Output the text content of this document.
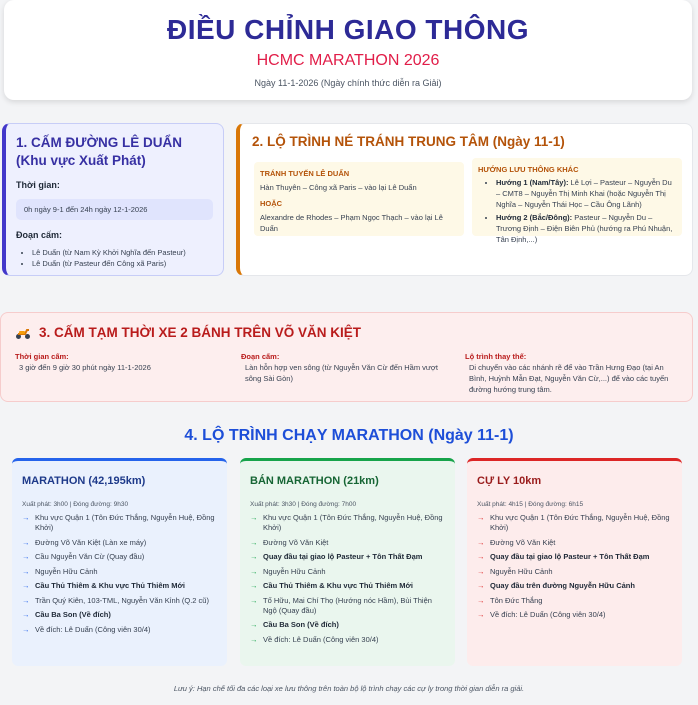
ĐIỀU CHỈNH GIAO THÔNG
HCMC MARATHON 2026
Ngày 11-1-2026 (Ngày chính thức diễn ra Giải)
1. CẤM ĐƯỜNG LÊ DUẨN (Khu vực Xuất Phát)
Thời gian:
0h ngày 9-1 đến 24h ngày 12-1-2026
Đoạn cấm:
• Lê Duẩn (từ Nam Kỳ Khởi Nghĩa đến Pasteur)
• Lê Duẩn (từ Pasteur đến Công xã Paris)
2. LỘ TRÌNH NÉ TRÁNH TRUNG TÂM (Ngày 11-1)
TRÁNH TUYẾN LÊ DUẨN
Hàn Thuyên – Công xã Paris – vào lại Lê Duẩn
HOẶC
Alexandre de Rhodes – Phạm Ngọc Thạch – vào lại Lê Duẩn
HƯỚNG LƯU THÔNG KHÁC
• Hướng 1 (Nam/Tây): Lê Lợi – Pasteur – Nguyễn Du – CMT8 – Nguyễn Thị Minh Khai (hoặc Nguyễn Thị Nghĩa – Nguyễn Thái Học – Cầu Ông Lãnh)
• Hướng 2 (Bắc/Đông): Pasteur – Nguyễn Du – Trương Định – Điện Biên Phủ (hướng ra Phú Nhuận, Tân Định,...)
3. CẤM TẠM THỜI XE 2 BÁNH TRÊN VÕ VĂN KIỆT
Thời gian cấm:
3 giờ đến 9 giờ 30 phút ngày 11-1-2026
Đoạn cấm:
Làn hỗn hợp ven sông (từ Nguyễn Văn Cừ đến Hầm vượt sông Sài Gòn)
Lộ trình thay thế:
Di chuyển vào các nhánh rẽ để vào Trần Hưng Đạo (tại An Bình, Huỳnh Mẫn Đạt, Nguyễn Văn Cừ,...) để vào các tuyến đường hướng trung tâm.
4. LỘ TRÌNH CHẠY MARATHON (Ngày 11-1)
MARATHON (42,195km)
Xuất phát: 3h00 | Đóng đường: 9h30
→ Khu vực Quận 1 (Tôn Đức Thắng, Nguyễn Huệ, Đồng Khởi)
→ Đường Võ Văn Kiệt (Làn xe máy)
→ Cầu Nguyễn Văn Cừ (Quay đầu)
→ Nguyễn Hữu Cảnh
→ Cầu Thủ Thiêm & Khu vực Thủ Thiêm Mới
→ Trần Quý Kiên, 103-TML, Nguyễn Văn Kỉnh (Q.2 cũ)
→ Cầu Ba Son (Về đích)
→ Về đích: Lê Duẩn (Công viên 30/4)
BÁN MARATHON (21km)
Xuất phát: 3h30 | Đóng đường: 7h00
→ Khu vực Quận 1 (Tôn Đức Thắng, Nguyễn Huệ, Đồng Khởi)
→ Đường Võ Văn Kiệt
→ Quay đầu tại giao lộ Pasteur + Tôn Thất Đạm
→ Nguyễn Hữu Cảnh
→ Cầu Thủ Thiêm & Khu vực Thủ Thiêm Mới
→ Tố Hữu, Mai Chí Thọ (Hướng nóc Hầm), Bùi Thiện Ngộ (Quay đầu)
→ Cầu Ba Son (Về đích)
→ Về đích: Lê Duẩn (Công viên 30/4)
CỰ LY 10km
Xuất phát: 4h15 | Đóng đường: 6h15
→ Khu vực Quận 1 (Tôn Đức Thắng, Nguyễn Huệ, Đồng Khởi)
→ Đường Võ Văn Kiệt
→ Quay đầu tại giao lộ Pasteur + Tôn Thất Đạm
→ Nguyễn Hữu Cảnh
→ Quay đầu trên đường Nguyễn Hữu Cảnh
→ Tôn Đức Thắng
→ Về đích: Lê Duẩn (Công viên 30/4)
Lưu ý: Hạn chế tối đa các loại xe lưu thông trên toàn bộ lộ trình chạy các cự ly trong thời gian diễn ra giải.
